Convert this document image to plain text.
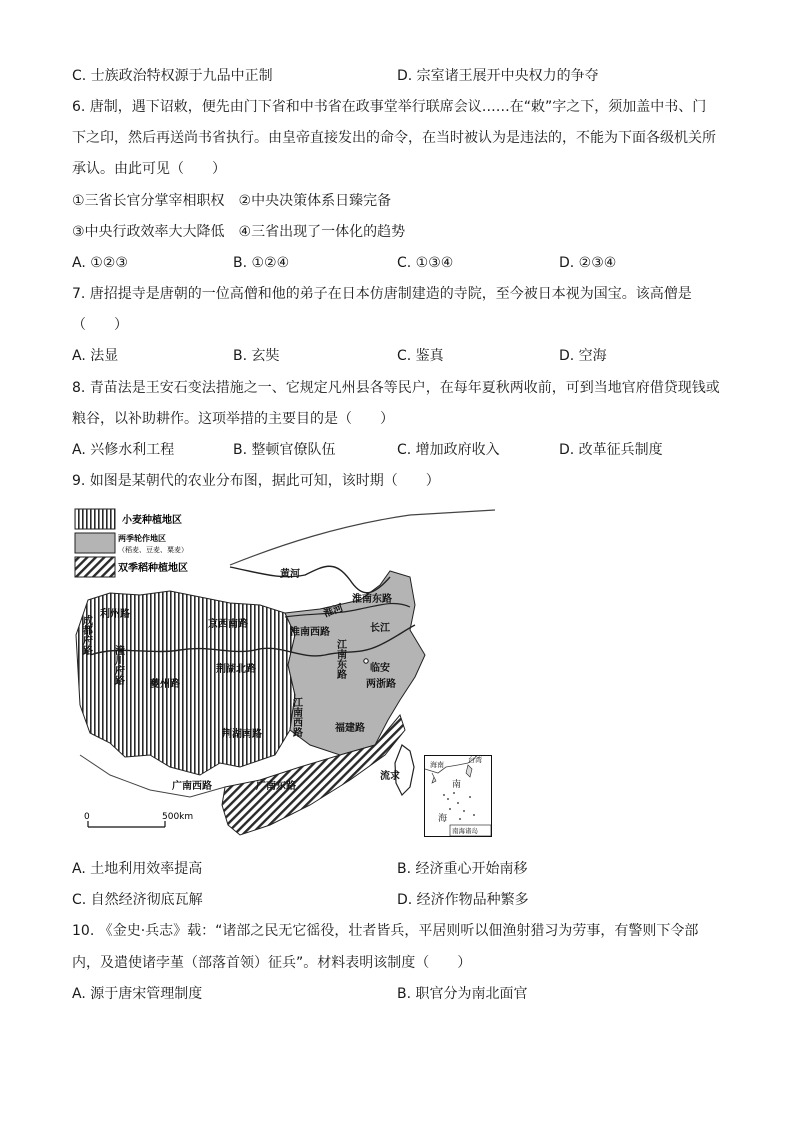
C. 士族政治特权源于九品中正制	D. 宗室诸王展开中央权力的争夺
6. 唐制，遇下诏敕，便先由门下省和中书省在政事堂举行联席会议……在“敕”字之下，须加盖中书、门
下之印，然后再送尚书省执行。由皇帝直接发出的命令，在当时被认为是违法的，不能为下面各级机关所
承认。由此可见（　　）
①三省长官分掌宰相职权　②中央决策体系日臻完备
③中央行政效率大大降低　④三省出现了一体化的趋势
A. ①②③	B. ①②④	C. ①③④	D. ②③④
7. 唐招提寺是唐朝的一位高僧和他的弟子在日本仿唐制建造的寺院，至今被日本视为国宝。该高僧是
（　　）
A. 法显	B. 玄奘	C. 鉴真	D. 空海
8. 青苗法是王安石变法措施之一、它规定凡州县各等民户，在每年夏秋两收前，可到当地官府借贷现钱或
粮谷，以补助耕作。这项举措的主要目的是（　　）
A. 兴修水利工程	B. 整顿官僚队伍	C. 增加政府收入	D. 改革征兵制度
9. 如图是某朝代的农业分布图，据此可知，该时期（　　）
小麦种植地区
两季轮作地区
（稻麦、豆麦、粟麦）
双季稻种植地区
黄河
淮河
长江
淮南东路
淮南西路
京西南路
利州路
临安
两浙路
荆湖北路
荆湖南路
夔州路
福建路
广南西路	广南东路
流求
成都府路
潼川府路	江南东路
江南西路
0	500km
台湾
海南
南
海
南海诸岛
A. 土地利用效率提高	B. 经济重心开始南移
C. 自然经济彻底瓦解	D. 经济作物品种繁多
10. 《金史·兵志》载：“诸部之民无它徭役，壮者皆兵，平居则听以佃渔射猎习为劳事，有警则下令部
内，及遣使诸孛堇（部落首领）征兵”。材料表明该制度（　　）
A. 源于唐宋管理制度	B. 职官分为南北面官
